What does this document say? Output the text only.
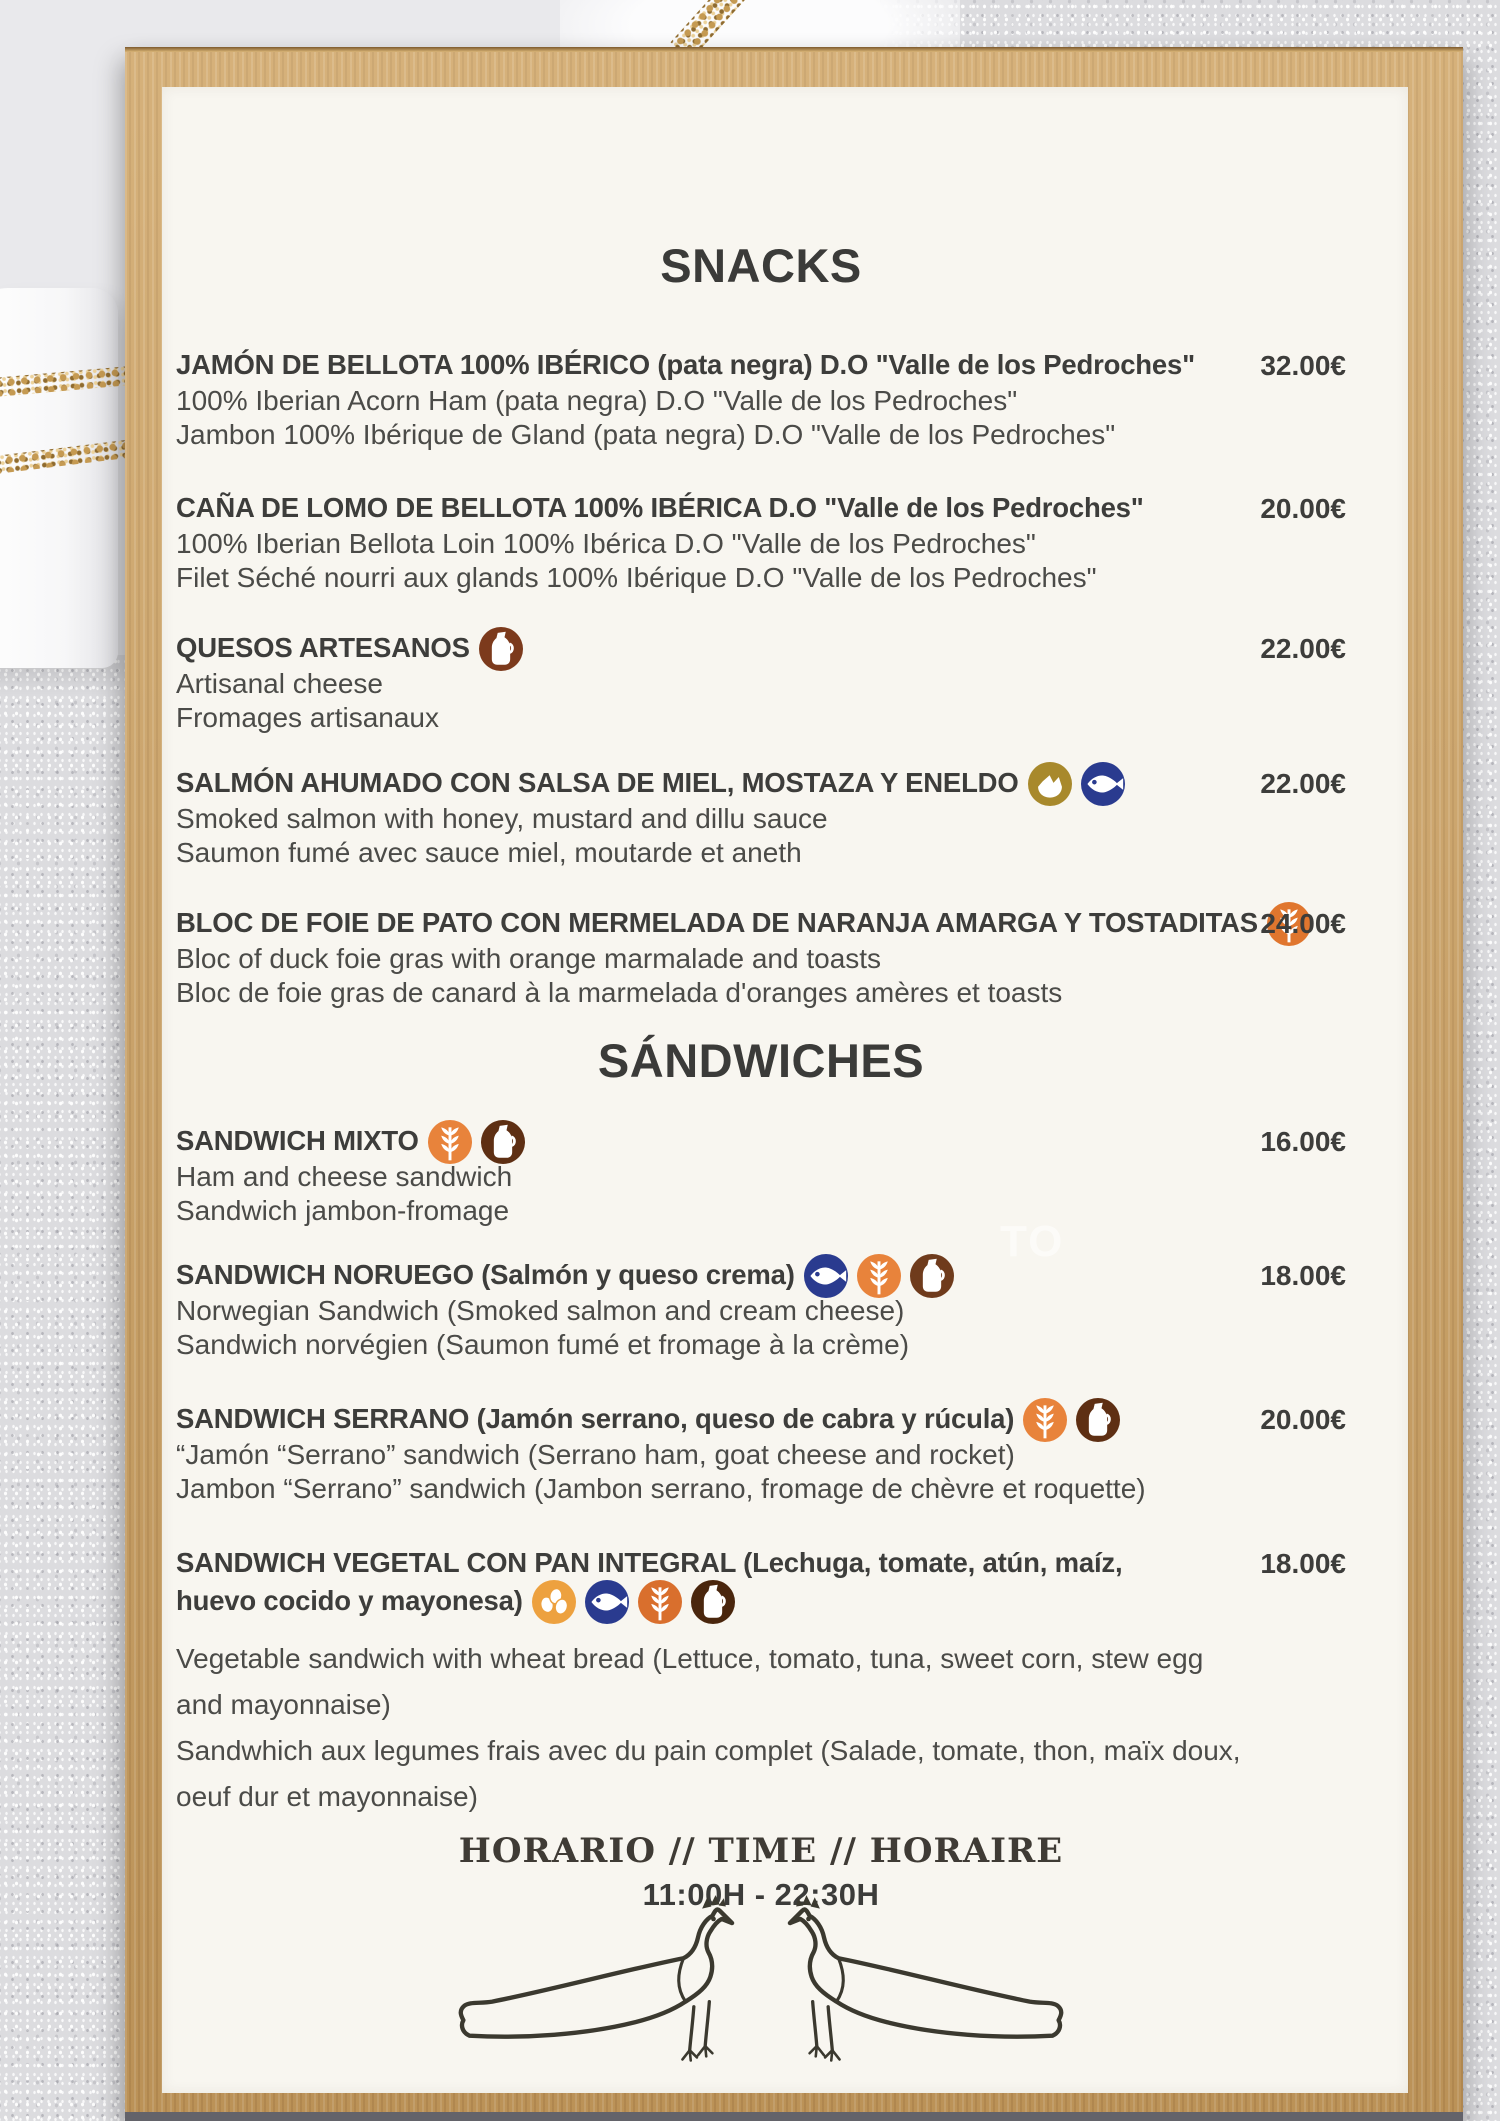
SNACKS
JAMÓN DE BELLOTA 100% IBÉRICO (pata negra) D.O "Valle de los Pedroches"	32.00€
100% Iberian Acorn Ham (pata negra) D.O "Valle de los Pedroches"
Jambon 100% Ibérique de Gland (pata negra) D.O "Valle de los Pedroches"
CAÑA DE LOMO DE BELLOTA 100% IBÉRICA D.O "Valle de los Pedroches"	20.00€
100% Iberian Bellota Loin 100% Ibérica D.O "Valle de los Pedroches"
Filet Séché nourri aux glands 100% Ibérique D.O "Valle de los Pedroches"
QUESOS ARTESANOS	22.00€
Artisanal cheese
Fromages artisanaux
SALMÓN AHUMADO CON SALSA DE MIEL, MOSTAZA Y ENELDO	22.00€
Smoked salmon with honey, mustard and dillu sauce
Saumon fumé avec sauce miel, moutarde et aneth
BLOC DE FOIE DE PATO CON MERMELADA DE NARANJA AMARGA Y TOSTADITAS 24.00€
Bloc of duck foie gras with orange marmalade and toasts
Bloc de foie gras de canard à la marmelada d'oranges amères et toasts
SÁNDWICHES
SANDWICH MIXTO	16.00€
Ham and cheese sandwich
Sandwich jambon-fromage
SANDWICH NORUEGO (Salmón y queso crema)	18.00€
Norwegian Sandwich (Smoked salmon and cream cheese)
Sandwich norvégien (Saumon fumé et fromage à la crème)
SANDWICH SERRANO (Jamón serrano, queso de cabra y rúcula)	20.00€
“Jamón “Serrano” sandwich (Serrano ham, goat cheese and rocket)
Jambon “Serrano” sandwich (Jambon serrano, fromage de chèvre et roquette)
SANDWICH VEGETAL CON PAN INTEGRAL (Lechuga, tomate, atún, maíz,
huevo cocido y mayonesa)
18.00€
Vegetable sandwich with wheat bread (Lettuce, tomato, tuna, sweet corn, stew egg
and mayonnaise)
Sandwhich aux legumes frais avec du pain complet (Salade, tomate, thon, maïx doux,
oeuf dur et mayonnaise)
TO
HORARIO // TIME // HORAIRE
11:00H - 22:30H
